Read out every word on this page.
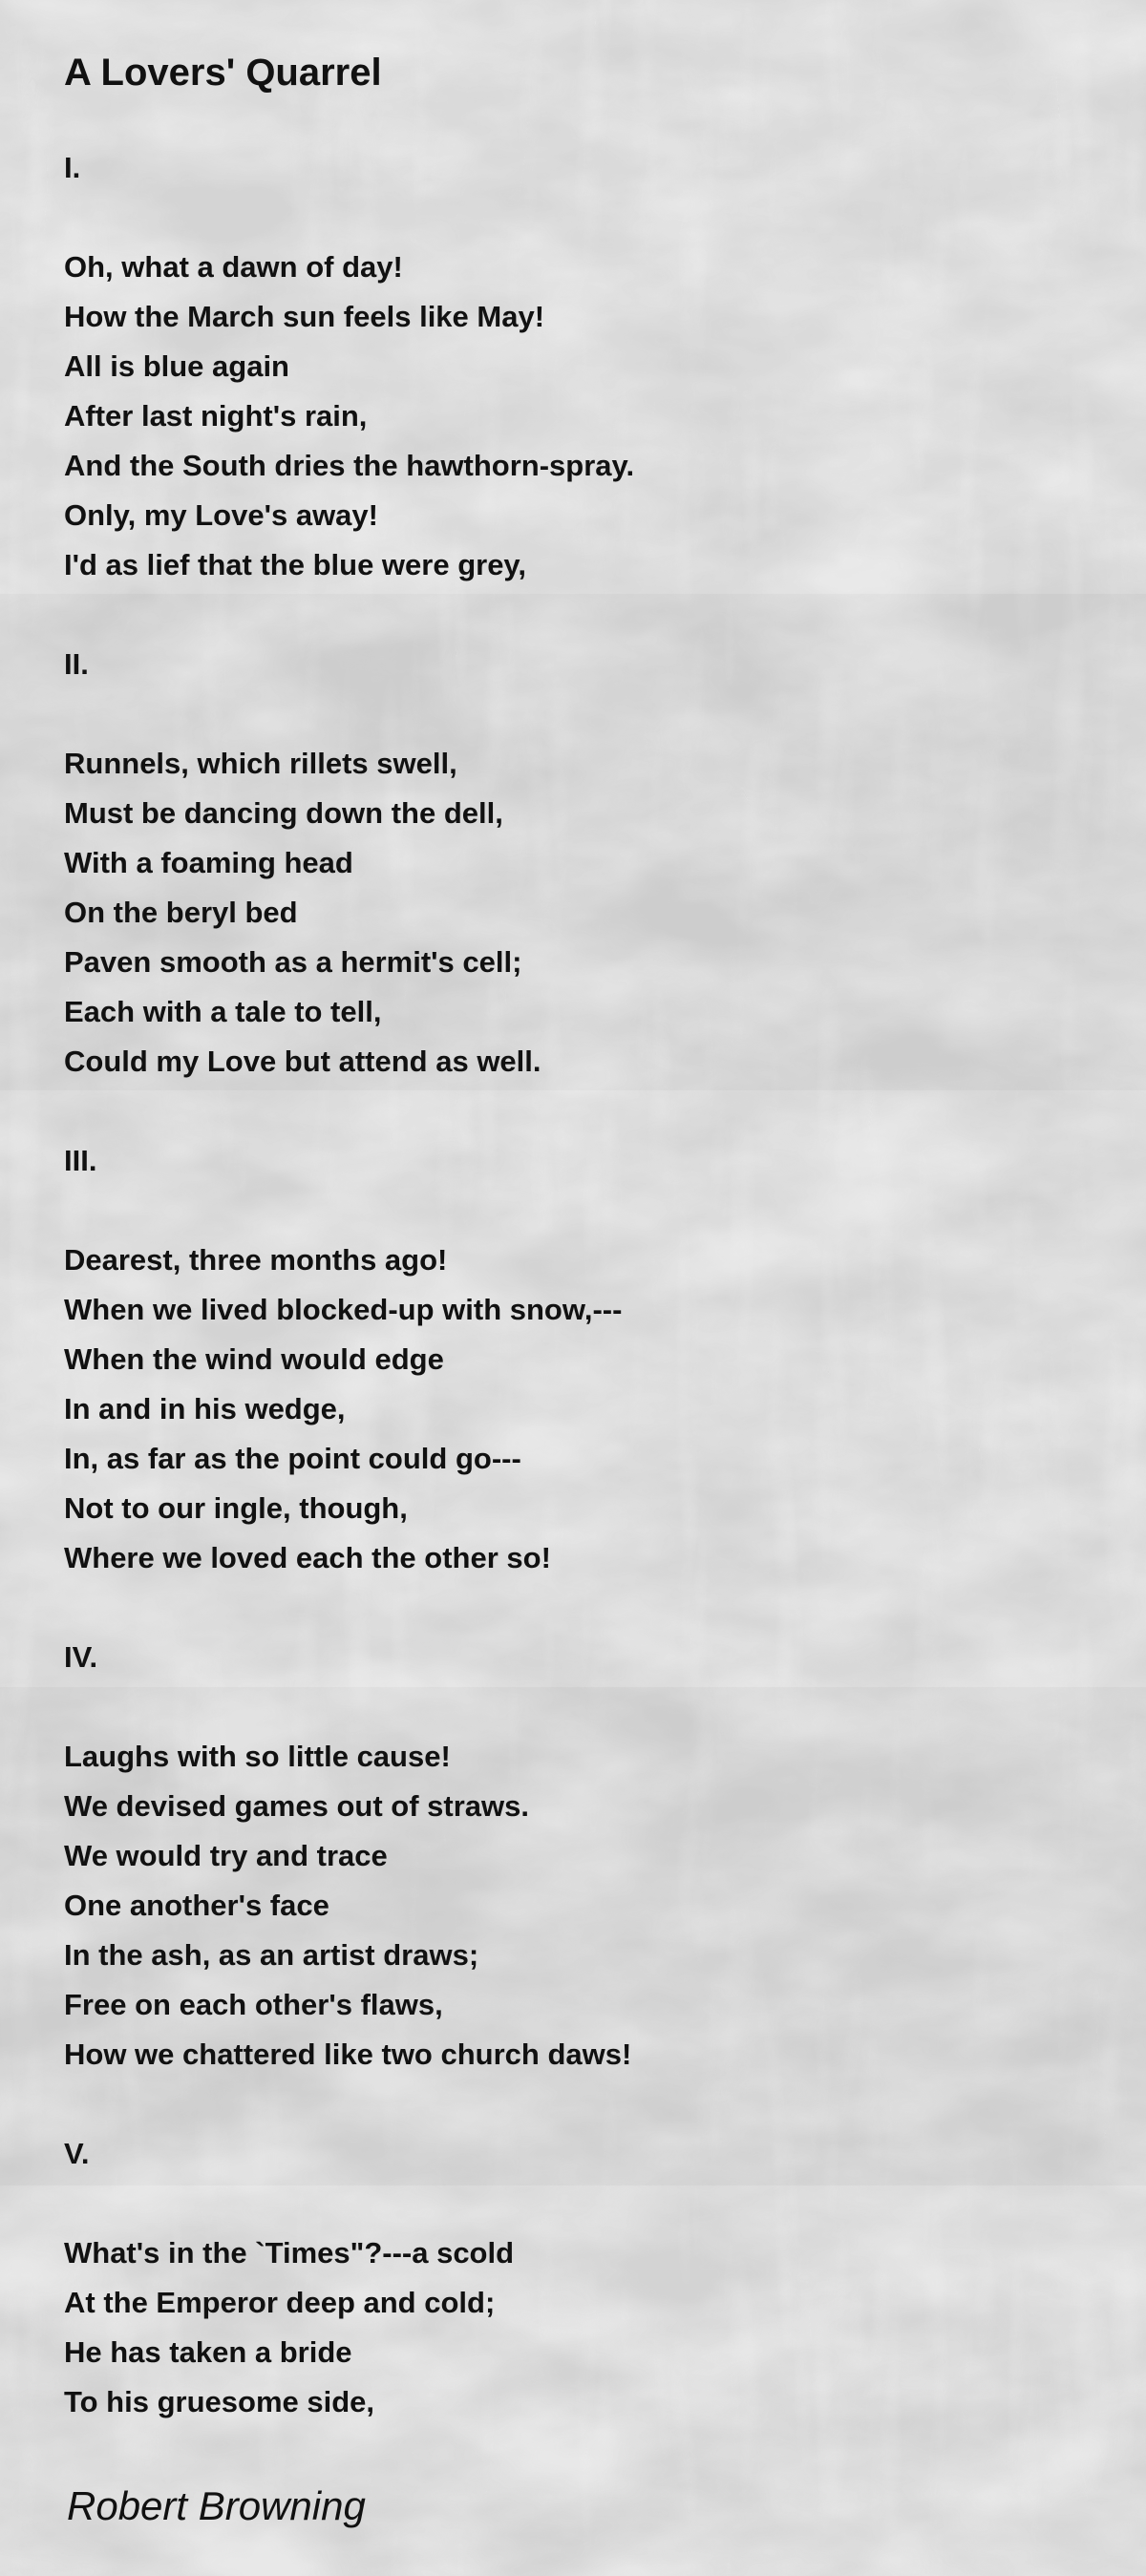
A Lovers' Quarrel
I.
Oh, what a dawn of day!
How the March sun feels like May!
All is blue again
After last night's rain,
And the South dries the hawthorn-spray.
Only, my Love's away!
I'd as lief that the blue were grey,
II.
Runnels, which rillets swell,
Must be dancing down the dell,
With a foaming head
On the beryl bed
Paven smooth as a hermit's cell;
Each with a tale to tell,
Could my Love but attend as well.
III.
Dearest, three months ago!
When we lived blocked-up with snow,---
When the wind would edge
In and in his wedge,
In, as far as the point could go---
Not to our ingle, though,
Where we loved each the other so!
IV.
Laughs with so little cause!
We devised games out of straws.
We would try and trace
One another's face
In the ash, as an artist draws;
Free on each other's flaws,
How we chattered like two church daws!
V.
What's in the `Times"?---a scold
At the Emperor deep and cold;
He has taken a bride
To his gruesome side,
Robert Browning
